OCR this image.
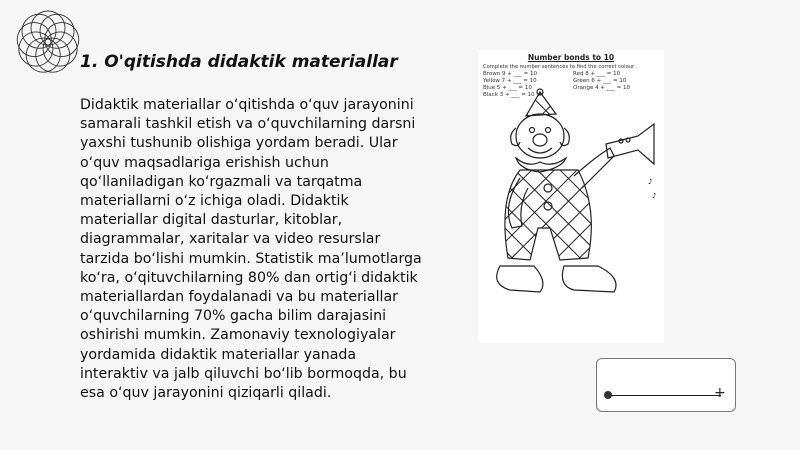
1. O'qitishda didaktik materiallar

Didaktik materiallar o‘qitishda o‘quv jarayonini samarali tashkil etish va o‘quvchilarning darsni yaxshi tushunib olishiga yordam beradi. Ular o‘quv maqsadlariga erishish uchun qo‘llaniladigan ko‘rgazmali va tarqatma materiallarni o‘z ichiga oladi. Didaktik materiallar digital dasturlar, kitoblar, diagrammalar, xaritalar va video resurslar tarzida bo‘lishi mumkin. Statistik ma’lumotlarga ko‘ra, o‘qituvchilarning 80% dan ortig‘i didaktik materiallardan foydalanadi va bu materiallar o‘quvchilarning 70% gacha bilim darajasini oshirishi mumkin. Zamonaviy texnologiyalar yordamida didaktik materiallar yanada interaktiv va jalb qiluvchi bo‘lib bormoqda, bu esa o‘quv jarayonini qiziqarli qiladi.

Number bonds to 10
Complete the number sentences to find the correct colour
Brown 9 + ___ = 10
Yellow 7 + ___ = 10
Blue 5 + ___ = 10
Black 3 + ___ = 10
Red 8 + ___ = 10
Green 6 + ___ = 10
Orange 4 + ___ = 10
♪
♪
+
